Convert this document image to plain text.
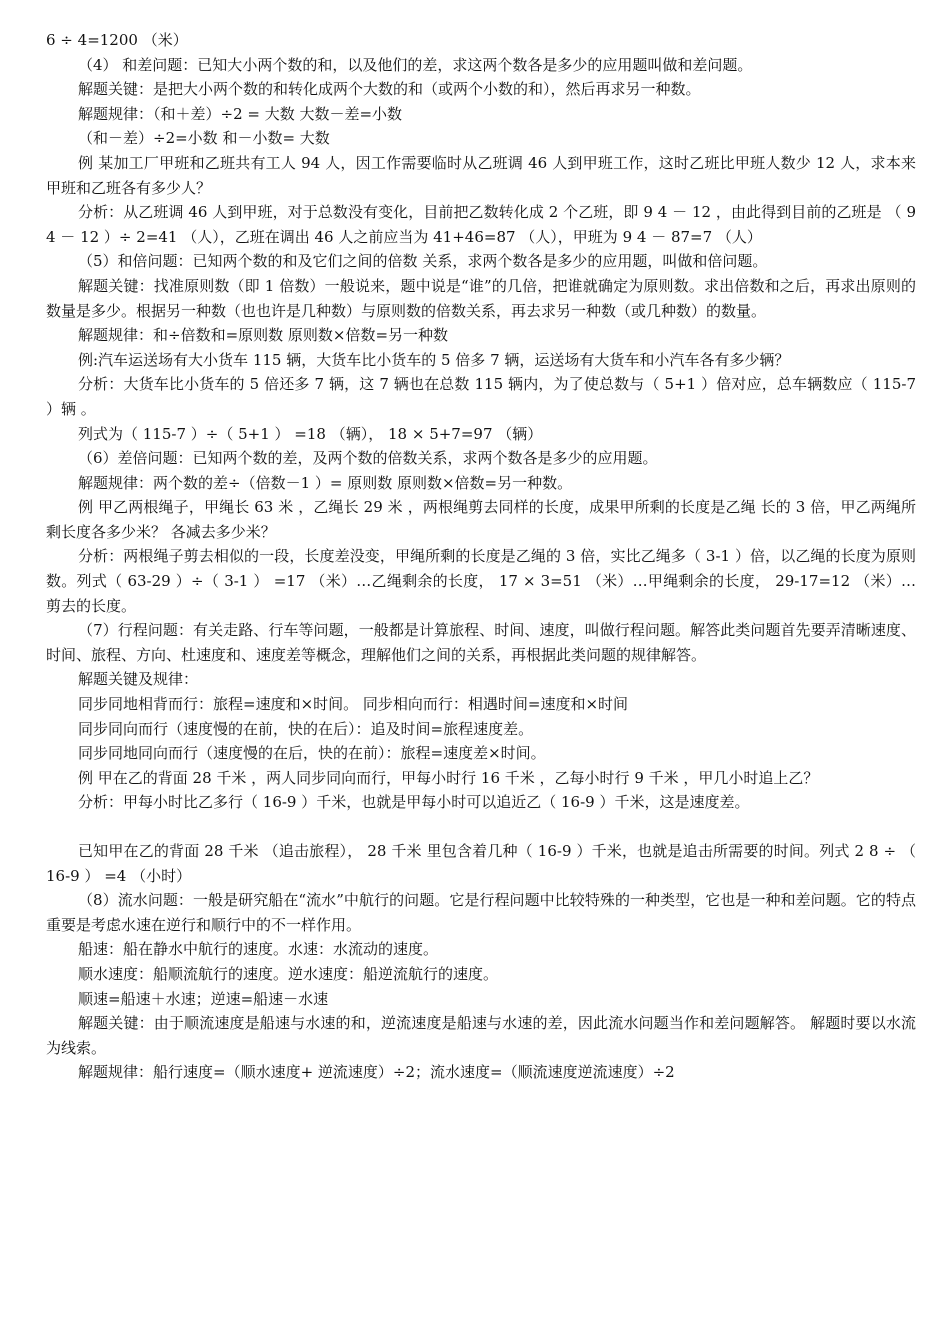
6 ÷ 4=1200 （米）

（4） 和差问题：已知大小两个数的和，以及他们的差，求这两个数各是多少的应用题叫做和差问题。

解题关键：是把大小两个数的和转化成两个大数的和（或两个小数的和），然后再求另一种数。

解题规律：（和＋差）÷2 = 大数 大数－差=小数

（和－差）÷2=小数 和－小数= 大数

例 某加工厂甲班和乙班共有工人 94 人，因工作需要临时从乙班调 46 人到甲班工作，这时乙班比甲班人数少 12 人，求本来甲班和乙班各有多少人？

分析：从乙班调 46 人到甲班，对于总数没有变化，目前把乙数转化成 2 个乙班，即 9 4 － 12 ，由此得到目前的乙班是 （ 9 4 － 12 ）÷ 2=41 （人），乙班在调出 46 人之前应当为 41+46=87 （人），甲班为 9 4 － 87=7 （人）

（5）和倍问题：已知两个数的和及它们之间的倍数 关系，求两个数各是多少的应用题，叫做和倍问题。

解题关键：找准原则数（即 1 倍数）一般说来，题中说是“谁”的几倍，把谁就确定为原则数。求出倍数和之后，再求出原则的数量是多少。根据另一种数（也也许是几种数）与原则数的倍数关系，再去求另一种数（或几种数）的数量。

解题规律：和÷倍数和=原则数 原则数×倍数=另一种数

例:汽车运送场有大小货车 115 辆，大货车比小货车的 5 倍多 7 辆，运送场有大货车和小汽车各有多少辆？

分析：大货车比小货车的 5 倍还多 7 辆，这 7 辆也在总数 115 辆内，为了使总数与（ 5+1 ）倍对应，总车辆数应（ 115-7 ）辆 。

列式为（ 115-7 ）÷（ 5+1 ） =18 （辆）， 18 × 5+7=97 （辆）

（6）差倍问题：已知两个数的差，及两个数的倍数关系，求两个数各是多少的应用题。

解题规律：两个数的差÷（倍数－1 ）= 原则数 原则数×倍数=另一种数。

例 甲乙两根绳子，甲绳长 63 米 ，乙绳长 29 米 ，两根绳剪去同样的长度，成果甲所剩的长度是乙绳 长的 3 倍，甲乙两绳所剩长度各多少米？ 各减去多少米？

分析：两根绳子剪去相似的一段，长度差没变，甲绳所剩的长度是乙绳的 3 倍，实比乙绳多（ 3-1 ）倍，以乙绳的长度为原则数。列式（ 63-29 ）÷（ 3-1 ） =17 （米）…乙绳剩余的长度， 17 × 3=51 （米）…甲绳剩余的长度， 29-17=12 （米）…剪去的长度。

（7）行程问题：有关走路、行车等问题，一般都是计算旅程、时间、速度，叫做行程问题。解答此类问题首先要弄清晰速度、时间、旅程、方向、杜速度和、速度差等概念，理解他们之间的关系，再根据此类问题的规律解答。

解题关键及规律：

同步同地相背而行：旅程=速度和×时间。 同步相向而行：相遇时间=速度和×时间

同步同向而行（速度慢的在前，快的在后）：追及时间=旅程速度差。

同步同地同向而行（速度慢的在后，快的在前）：旅程=速度差×时间。

例 甲在乙的背面 28 千米 ，两人同步同向而行，甲每小时行 16 千米 ，乙每小时行 9 千米 ，甲几小时追上乙？

分析：甲每小时比乙多行（ 16-9 ）千米，也就是甲每小时可以追近乙（ 16-9 ）千米，这是速度差。

已知甲在乙的背面 28 千米 （追击旅程）， 28 千米 里包含着几种（ 16-9 ）千米，也就是追击所需要的时间。列式 2 8 ÷ （ 16-9 ） =4 （小时）

（8）流水问题：一般是研究船在“流水”中航行的问题。它是行程问题中比较特殊的一种类型，它也是一种和差问题。它的特点重要是考虑水速在逆行和顺行中的不一样作用。

船速：船在静水中航行的速度。水速：水流动的速度。

顺水速度：船顺流航行的速度。逆水速度：船逆流航行的速度。

顺速=船速＋水速；逆速=船速－水速

解题关键：由于顺流速度是船速与水速的和，逆流速度是船速与水速的差，因此流水问题当作和差问题解答。 解题时要以水流为线索。

解题规律：船行速度=（顺水速度+ 逆流速度）÷2；流水速度=（顺流速度逆流速度）÷2
